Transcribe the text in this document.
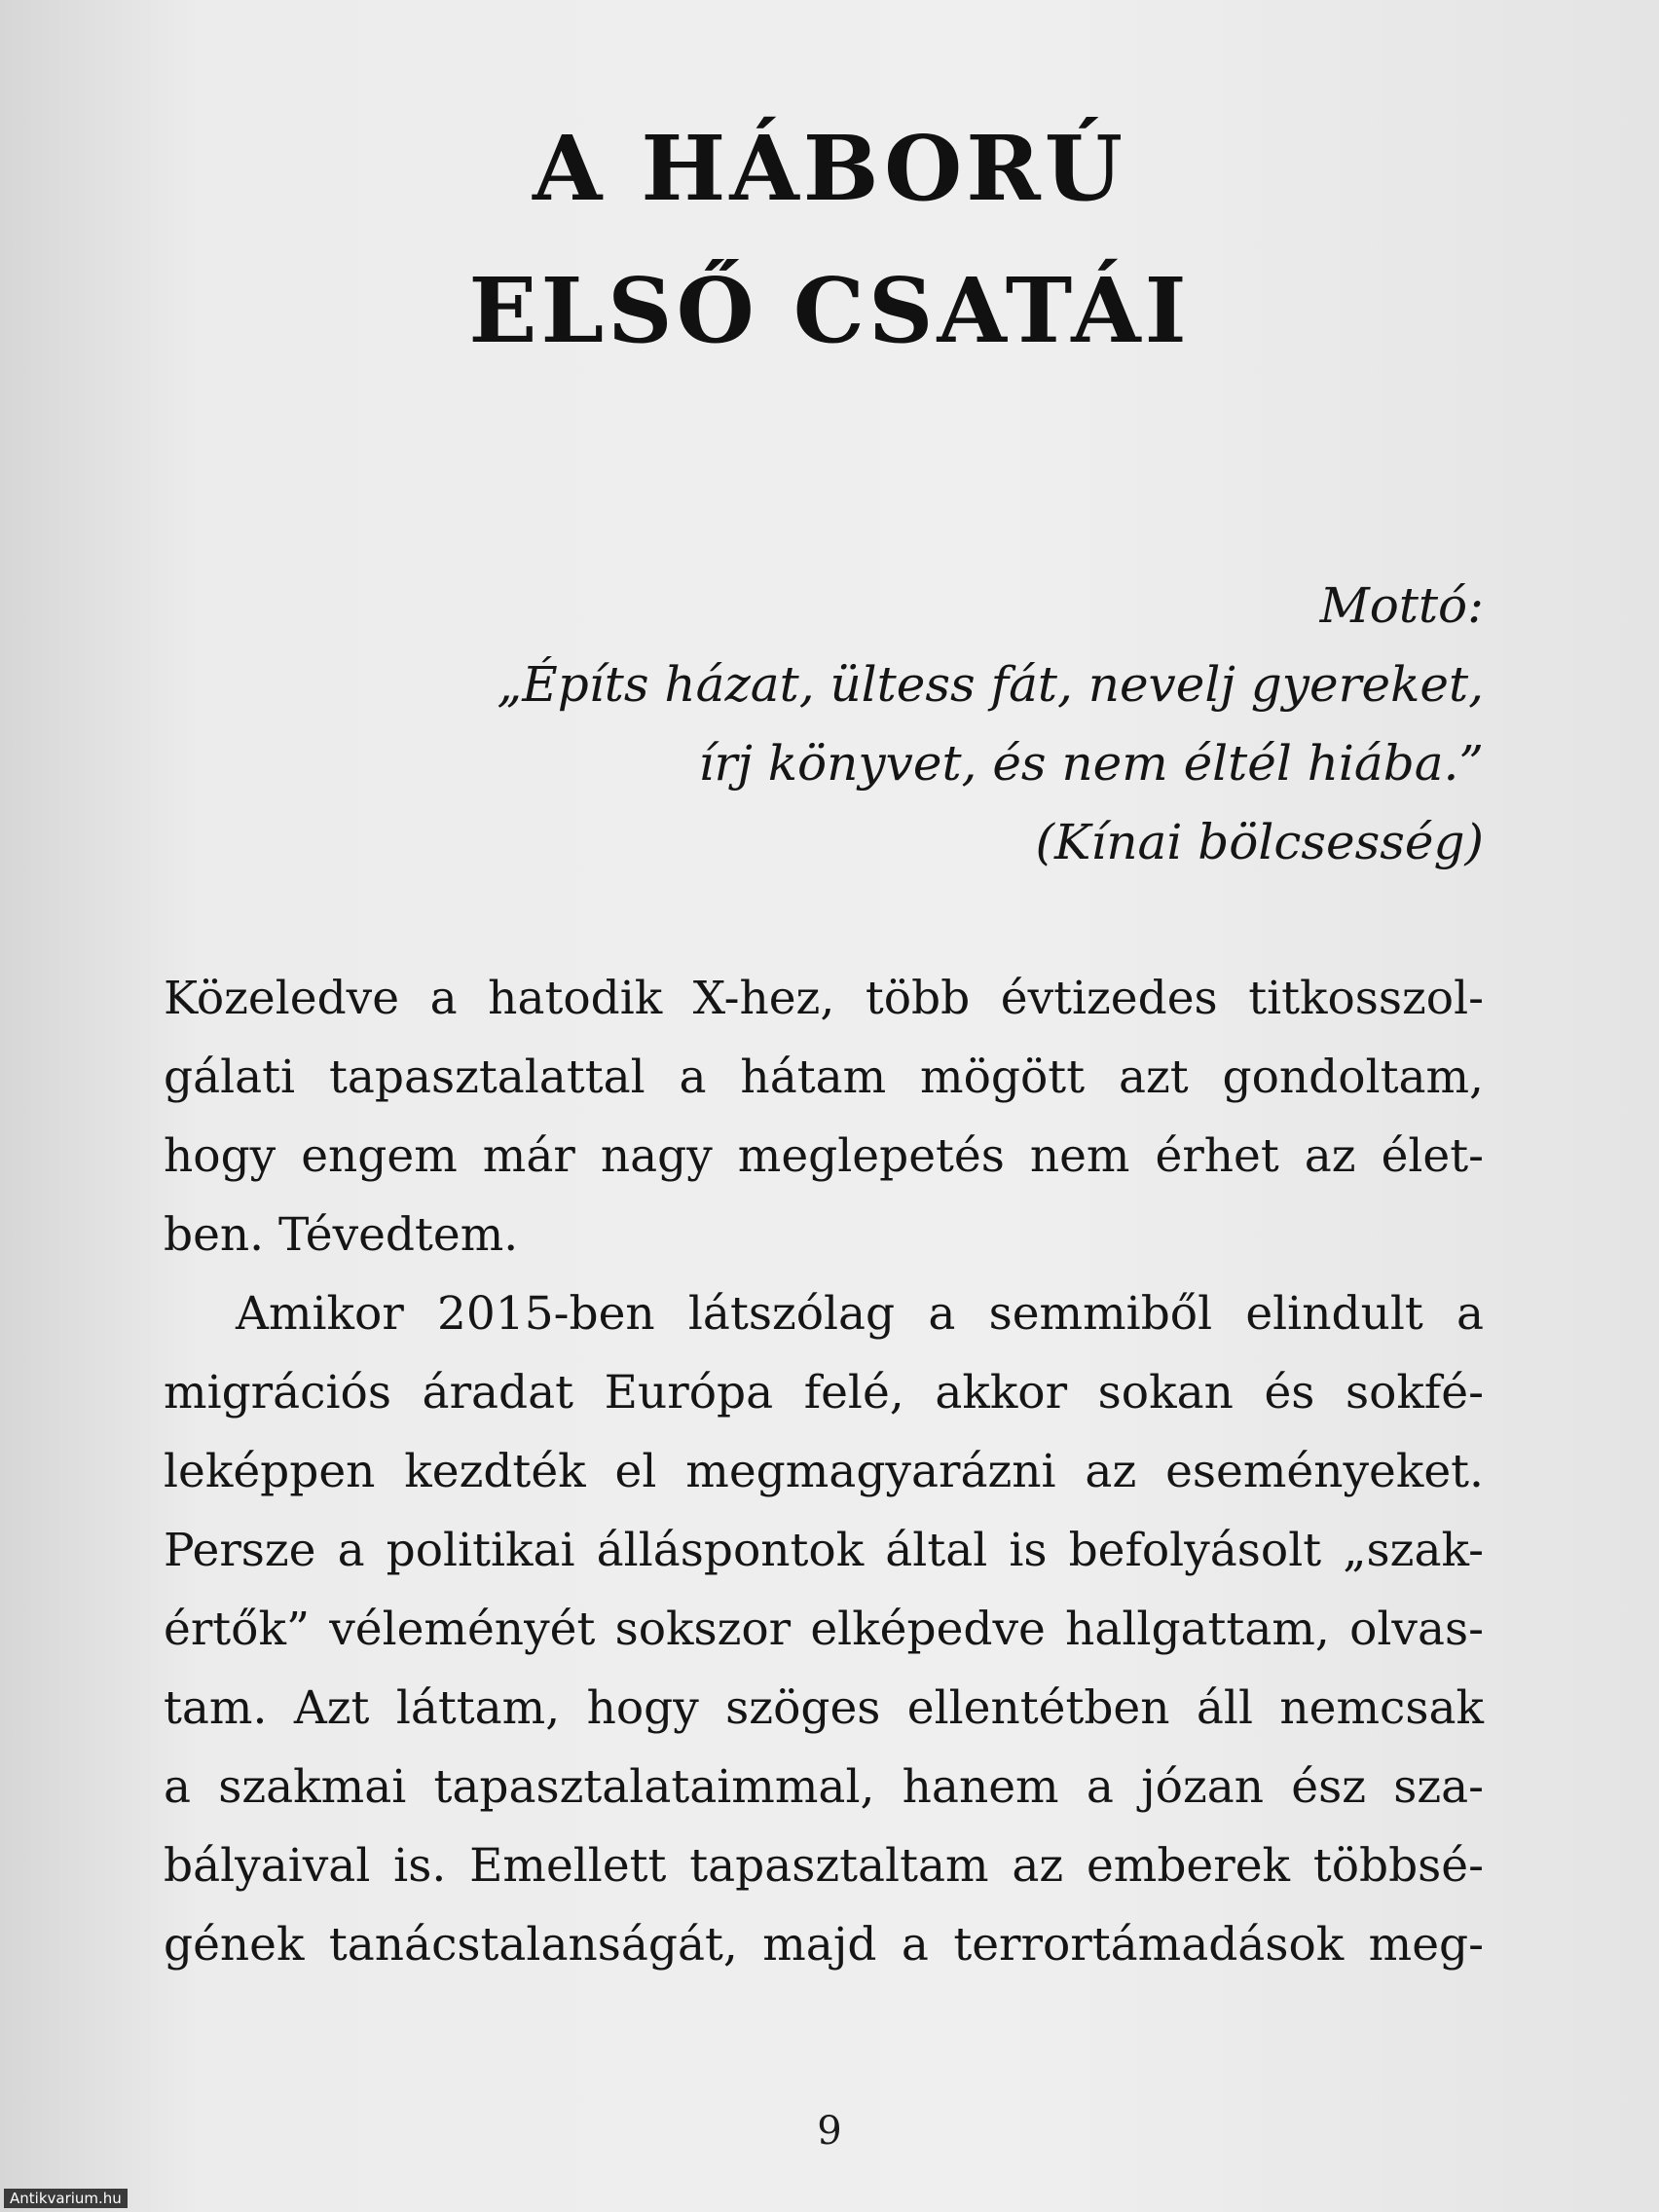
A HÁBORÚ
ELSŐ CSATÁI
Mottó:
„Építs házat, ültess fát, nevelj gyereket,
írj könyvet, és nem éltél hiába.”
(Kínai bölcsesség)
Közeledve a hatodik X-hez, több évtizedes titkosszol-
gálati tapasztalattal a hátam mögött azt gondoltam,
hogy engem már nagy meglepetés nem érhet az élet-
ben. Tévedtem.
Amikor 2015-ben látszólag a semmiből elindult a
migrációs áradat Európa felé, akkor sokan és sokfé-
leképpen kezdték el megmagyarázni az eseményeket.
Persze a politikai álláspontok által is befolyásolt „szak-
értők” véleményét sokszor elképedve hallgattam, olvas-
tam. Azt láttam, hogy szöges ellentétben áll nemcsak
a szakmai tapasztalataimmal, hanem a józan ész sza-
bályaival is. Emellett tapasztaltam az emberek többsé-
gének tanácstalanságát, majd a terrortámadások meg-
9
Antikvarium.hu
